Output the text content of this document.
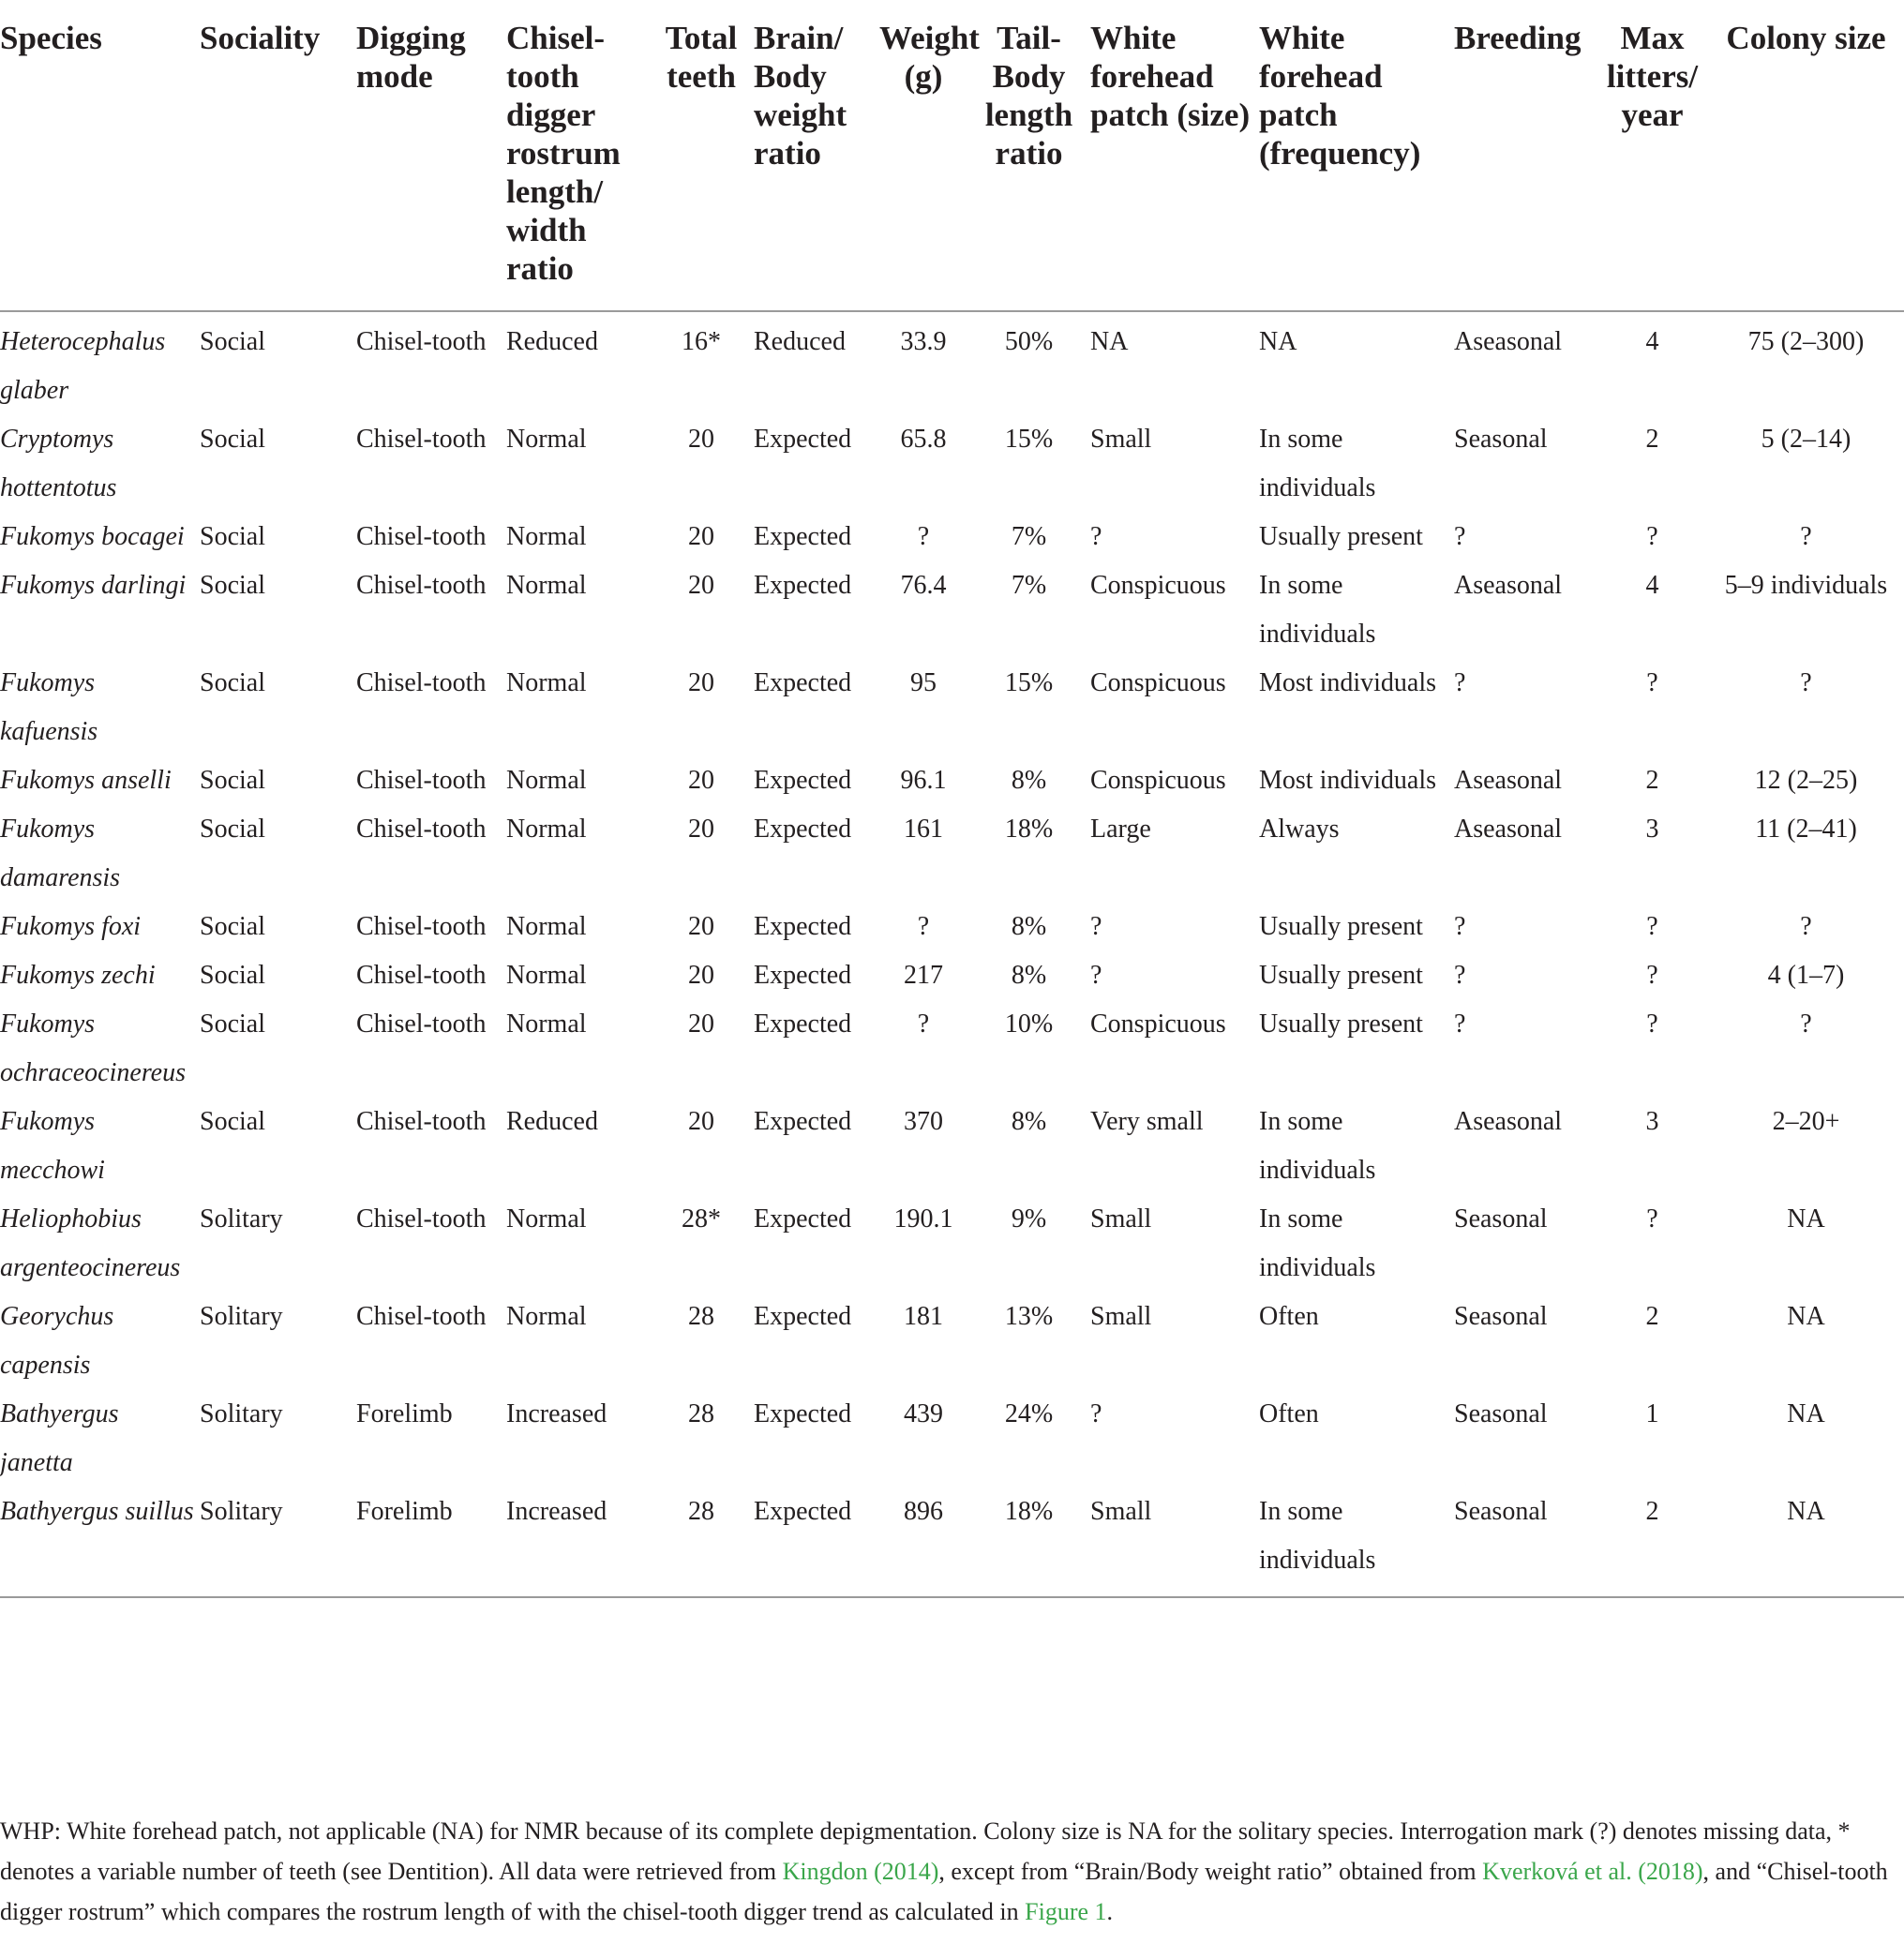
Species	Sociality	Digging mode	Chisel-tooth digger rostrum length/ width ratio	Total teeth	Brain/ Body weight ratio	Weight (g)	Tail-Body length ratio	White forehead patch (size)	White forehead patch (frequency)	Breeding	Max litters/ year	Colony size
Heterocephalus glaber	Social	Chisel-tooth	Reduced	16*	Reduced	33.9	50%	NA	NA	Aseasonal	4	75 (2–300)
Cryptomys hottentotus	Social	Chisel-tooth	Normal	20	Expected	65.8	15%	Small	In some individuals	Seasonal	2	5 (2–14)
Fukomys bocagei	Social	Chisel-tooth	Normal	20	Expected	?	7%	?	Usually present	?	?	?
Fukomys darlingi	Social	Chisel-tooth	Normal	20	Expected	76.4	7%	Conspicuous	In some individuals	Aseasonal	4	5–9 individuals
Fukomys kafuensis	Social	Chisel-tooth	Normal	20	Expected	95	15%	Conspicuous	Most individuals	?	?	?
Fukomys anselli	Social	Chisel-tooth	Normal	20	Expected	96.1	8%	Conspicuous	Most individuals	Aseasonal	2	12 (2–25)
Fukomys damarensis	Social	Chisel-tooth	Normal	20	Expected	161	18%	Large	Always	Aseasonal	3	11 (2–41)
Fukomys foxi	Social	Chisel-tooth	Normal	20	Expected	?	8%	?	Usually present	?	?	?
Fukomys zechi	Social	Chisel-tooth	Normal	20	Expected	217	8%	?	Usually present	?	?	4 (1–7)
Fukomys ochraceocinereus	Social	Chisel-tooth	Normal	20	Expected	?	10%	Conspicuous	Usually present	?	?	?
Fukomys mecchowi	Social	Chisel-tooth	Reduced	20	Expected	370	8%	Very small	In some individuals	Aseasonal	3	2–20+
Heliophobius argenteocinereus	Solitary	Chisel-tooth	Normal	28*	Expected	190.1	9%	Small	In some individuals	Seasonal	?	NA
Georychus capensis	Solitary	Chisel-tooth	Normal	28	Expected	181	13%	Small	Often	Seasonal	2	NA
Bathyergus janetta	Solitary	Forelimb	Increased	28	Expected	439	24%	?	Often	Seasonal	1	NA
Bathyergus suillus	Solitary	Forelimb	Increased	28	Expected	896	18%	Small	In some individuals	Seasonal	2	NA
WHP: White forehead patch, not applicable (NA) for NMR because of its complete depigmentation. Colony size is NA for the solitary species. Interrogation mark (?) denotes missing data, * denotes a variable number of teeth (see Dentition). All data were retrieved from Kingdon (2014), except from “Brain/Body weight ratio” obtained from Kverková et al. (2018), and “Chisel-tooth digger rostrum” which compares the rostrum length of with the chisel-tooth digger trend as calculated in Figure 1.
